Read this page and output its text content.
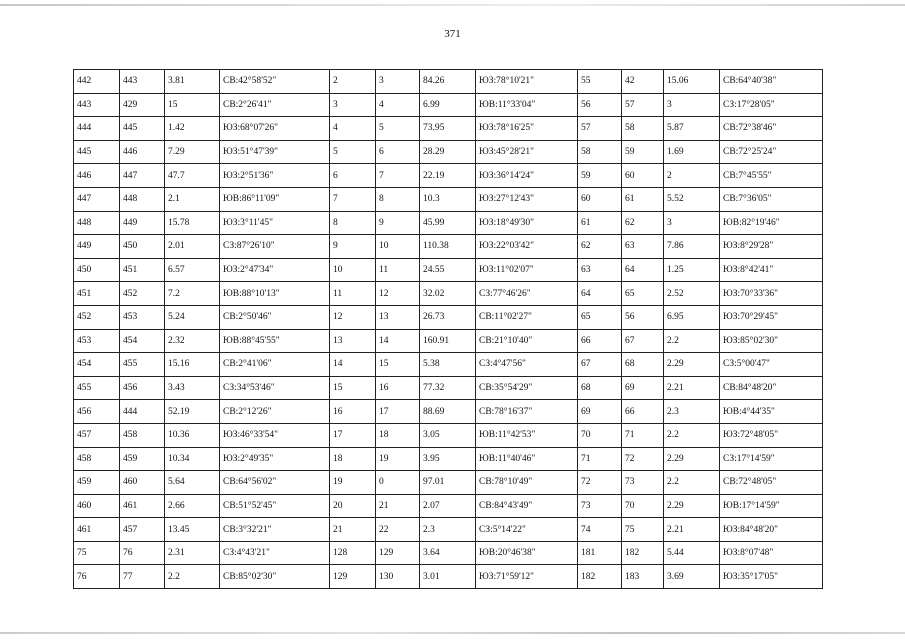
371
442	443	3.81	СВ:42°58'52"	2	3	84.26	ЮЗ:78°10'21"	55	42	15.06	СВ:64°40'38"
443	429	15	СВ:2°26'41"	3	4	6.99	ЮВ:11°33'04"	56	57	3	СЗ:17°28'05"
444	445	1.42	ЮЗ:68°07'26"	4	5	73.95	ЮЗ:78°16'25"	57	58	5.87	СВ:72°38'46"
445	446	7.29	ЮЗ:51°47'39"	5	6	28.29	ЮЗ:45°28'21"	58	59	1.69	СВ:72°25'24"
446	447	47.7	ЮЗ:2°51'36"	6	7	22.19	ЮЗ:36°14'24"	59	60	2	СВ:7°45'55"
447	448	2.1	ЮВ:86°11'09"	7	8	10.3	ЮЗ:27°12'43"	60	61	5.52	СВ:7°36'05"
448	449	15.78	ЮЗ:3°11'45"	8	9	45.99	ЮЗ:18°49'30"	61	62	3	ЮВ:82°19'46"
449	450	2.01	СЗ:87°26'10"	9	10	110.38	ЮЗ:22°03'42"	62	63	7.86	ЮЗ:8°29'28"
450	451	6.57	ЮЗ:2°47'34"	10	11	24.55	ЮЗ:11°02'07"	63	64	1.25	ЮЗ:8°42'41"
451	452	7.2	ЮВ:88°10'13"	11	12	32.02	СЗ:77°46'26"	64	65	2.52	ЮЗ:70°33'36"
452	453	5.24	СВ:2°50'46"	12	13	26.73	СВ:11°02'27"	65	56	6.95	ЮЗ:70°29'45"
453	454	2.32	ЮВ:88°45'55"	13	14	160.91	СВ:21°10'40"	66	67	2.2	ЮЗ:85°02'30"
454	455	15.16	СВ:2°41'06"	14	15	5.38	СЗ:4°47'56"	67	68	2.29	СЗ:5°00'47"
455	456	3.43	СЗ:34°53'46"	15	16	77.32	СВ:35°54'29"	68	69	2.21	СВ:84°48'20"
456	444	52.19	СВ:2°12'26"	16	17	88.69	СВ:78°16'37"	69	66	2.3	ЮВ:4°44'35"
457	458	10.36	ЮЗ:46°33'54"	17	18	3.05	ЮВ:11°42'53"	70	71	2.2	ЮЗ:72°48'05"
458	459	10.34	ЮЗ:2°49'35"	18	19	3.95	ЮВ:11°40'46"	71	72	2.29	СЗ:17°14'59"
459	460	5.64	СВ:64°56'02"	19	0	97.01	СВ:78°10'49"	72	73	2.2	СВ:72°48'05"
460	461	2.66	СВ:51°52'45"	20	21	2.07	СВ:84°43'49"	73	70	2.29	ЮВ:17°14'59"
461	457	13.45	СВ:3°32'21"	21	22	2.3	СЗ:5°14'22"	74	75	2.21	ЮЗ:84°48'20"
75	76	2.31	СЗ:4°43'21"	128	129	3.64	ЮВ:20°46'38"	181	182	5.44	ЮЗ:8°07'48"
76	77	2.2	СВ:85°02'30"	129	130	3.01	ЮЗ:71°59'12"	182	183	3.69	ЮЗ:35°17'05"
